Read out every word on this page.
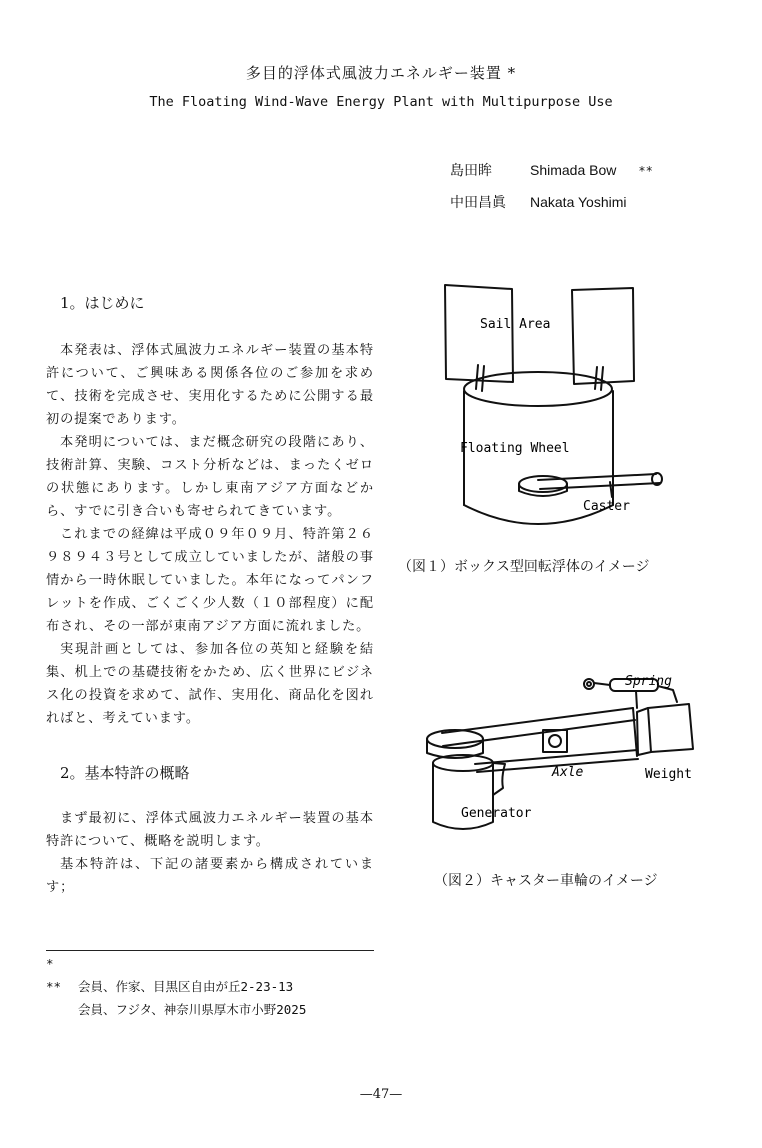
多目的浮体式風波力エネルギー装置 *
The Floating Wind-Wave Energy Plant with Multipurpose Use
島田眸	Shimada Bow **
中田昌眞 Nakata Yoshimi
1。はじめに

本発表は、浮体式風波力エネルギー装置の基本特許について、ご興味ある関係各位のご参加を求めて、技術を完成させ、実用化するために公開する最初の提案であります。

本発明については、まだ概念研究の段階にあり、技術計算、実験、コスト分析などは、まったくゼロの状態にあります。しかし東南アジア方面などから、すでに引き合いも寄せられてきています。

これまでの経緯は平成０９年０９月、特許第２６９８９４３号として成立していましたが、諸般の事情から一時休眠していました。本年になってパンフレットを作成、ごくごく少人数（１０部程度）に配布され、その一部が東南アジア方面に流れました。

実現計画としては、参加各位の英知と経験を結集、机上での基礎技術をかため、広く世界にビジネス化の投資を求めて、試作、実用化、商品化を図れればと、考えています。

2。基本特許の概略

まず最初に、浮体式風波力エネルギー装置の基本特許について、概略を説明します。

基本特許は、下記の諸要素から構成されています；

Sail Area
Floating Wheel
Caster
（図１）ボックス型回転浮体のイメージ
Spring
Axle	Weight
Generator
（図２）キャスター車輪のイメージ
*
** 会員、作家、目黒区自由が丘2-23-13
会員、フジタ、神奈川県厚木市小野2025
—47—
